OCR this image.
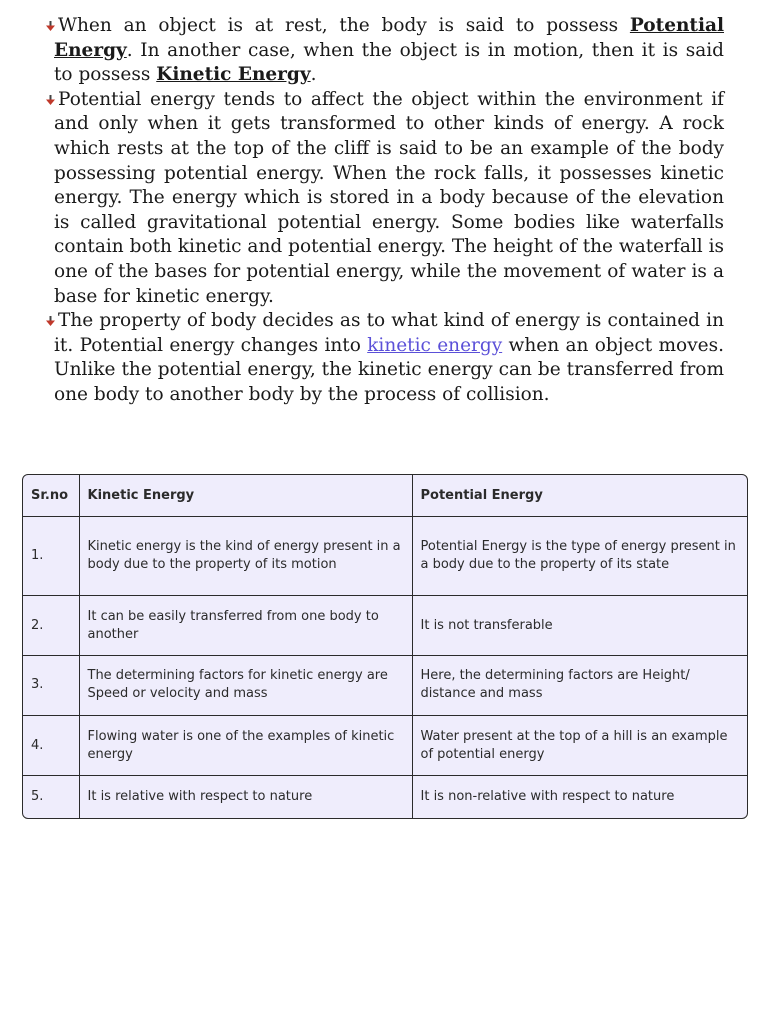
When an object is at rest, the body is said to possess Potential Energy. In another case, when the object is in motion, then it is said to possess Kinetic Energy.

Potential energy tends to affect the object within the environment if and only when it gets transformed to other kinds of energy. A rock which rests at the top of the cliff is said to be an example of the body possessing potential energy. When the rock falls, it possesses kinetic energy. The energy which is stored in a body because of the elevation is called gravitational potential energy. Some bodies like waterfalls contain both kinetic and potential energy. The height of the waterfall is one of the bases for potential energy, while the movement of water is a base for kinetic energy.

The property of body decides as to what kind of energy is contained in it. Potential energy changes into kinetic energy when an object moves. Unlike the potential energy, the kinetic energy can be transferred from one body to another body by the process of collision.

Sr.no	Kinetic Energy	Potential Energy
1.	Kinetic energy is the kind of energy present in a body due to the property of its motion	Potential Energy is the type of energy present in a body due to the property of its state
2.	It can be easily transferred from one body to another	It is not transferable
3.	The determining factors for kinetic energy are Speed or velocity and mass	Here, the determining factors are Height/ distance and mass
4.	Flowing water is one of the examples of kinetic energy	Water present at the top of a hill is an example of potential energy
5.	It is relative with respect to nature	It is non-relative with respect to nature
